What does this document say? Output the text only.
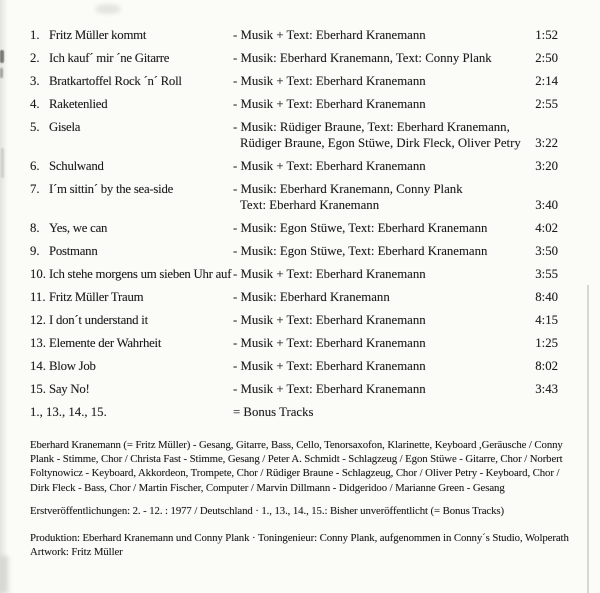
1. Fritz Müller kommt	- Musik + Text: Eberhard Kranemann	1:52
2. Ich kauf´ mir ´ne Gitarre	- Musik: Eberhard Kranemann, Text: Conny Plank	2:50
3. Bratkartoffel Rock ´n´ Roll	- Musik + Text: Eberhard Kranemann	2:14
4. Raketenlied	- Musik + Text: Eberhard Kranemann	2:55
5. Gisela	- Musik: Rüdiger Braune, Text: Eberhard Kranemann,
Rüdiger Braune, Egon Stüwe, Dirk Fleck, Oliver Petry	3:22
6. Schulwand	- Musik + Text: Eberhard Kranemann	3:20
7. I´m sittin´ by the sea-side	- Musik: Eberhard Kranemann, Conny Plank
Text: Eberhard Kranemann	3:40
8. Yes, we can	- Musik: Egon Stüwe, Text: Eberhard Kranemann	4:02
9. Postmann	- Musik: Egon Stüwe, Text: Eberhard Kranemann	3:50
10. Ich stehe morgens um sieben Uhr auf - Musik + Text: Eberhard Kranemann	3:55
11. Fritz Müller Traum	- Musik: Eberhard Kranemann	8:40
12. I don´t understand it	- Musik + Text: Eberhard Kranemann	4:15
13. Elemente der Wahrheit	- Musik + Text: Eberhard Kranemann	1:25
14. Blow Job	- Musik + Text: Eberhard Kranemann	8:02
15. Say No!	- Musik + Text: Eberhard Kranemann	3:43
1., 13., 14., 15.	= Bonus Tracks
Eberhard Kranemann (= Fritz Müller) - Gesang, Gitarre, Bass, Cello, Tenorsaxofon, Klarinette, Keyboard ,Geräusche / Conny
Plank - Stimme, Chor / Christa Fast - Stimme, Gesang / Peter A. Schmidt - Schlagzeug / Egon Stüwe - Gitarre, Chor / Norbert
Foltynowicz - Keyboard, Akkordeon, Trompete, Chor / Rüdiger Braune - Schlagzeug, Chor / Oliver Petry - Keyboard, Chor /
Dirk Fleck - Bass, Chor / Martin Fischer, Computer / Marvin Dillmann - Didgeridoo / Marianne Green - Gesang
Erstveröffentlichungen: 2. - 12. : 1977 / Deutschland · 1., 13., 14., 15.: Bisher unveröffentlicht (= Bonus Tracks)
Produktion: Eberhard Kranemann und Conny Plank · Toningenieur: Conny Plank, aufgenommen in Conny´s Studio, Wolperath
Artwork: Fritz Müller
